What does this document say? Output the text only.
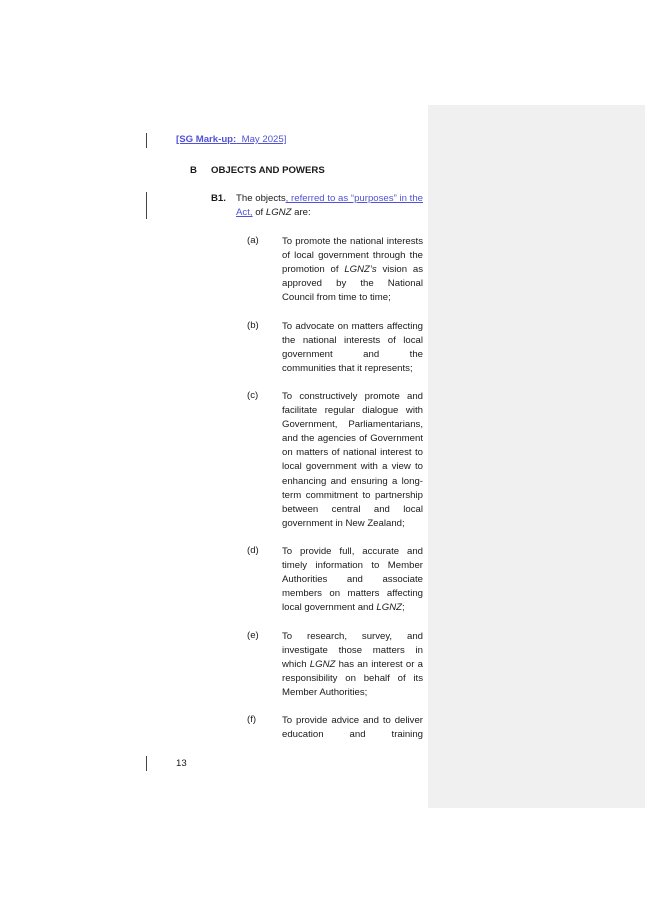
[SG Mark-up: May 2025]
B OBJECTS AND POWERS
B1. The objects, referred to as “purposes” in the Act, of LGNZ are:
(a) To promote the national interests of local government through the promotion of LGNZ’s vision as approved by the National Council from time to time;
(b) To advocate on matters affecting the national interests of local government and the communities that it represents;
(c) To constructively promote and facilitate regular dialogue with Government, Parliamentarians, and the agencies of Government on matters of national interest to local government with a view to enhancing and ensuring a long-term commitment to partnership between central and local government in New Zealand;
(d) To provide full, accurate and timely information to Member Authorities and associate members on matters affecting local government and LGNZ;
(e) To research, survey, and investigate those matters in which LGNZ has an interest or a responsibility on behalf of its Member Authorities;
(f)	To provide advice and to deliver education and training
13
